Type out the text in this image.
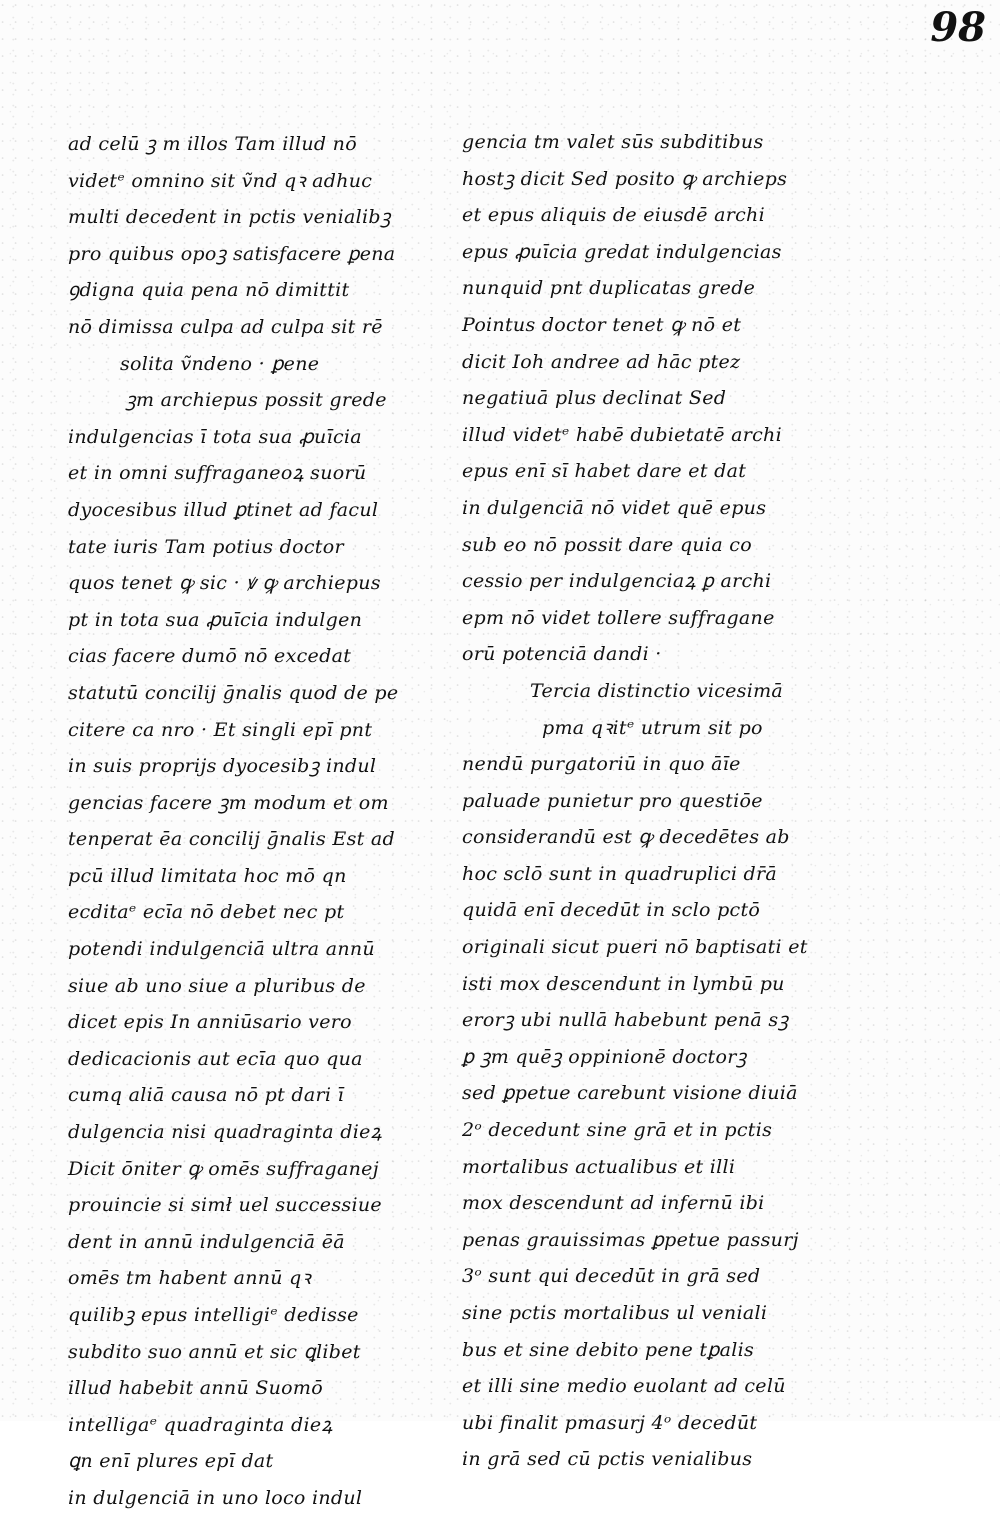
98
ad celū ꝫ m illos Tam illud nō
videtᵉ omnino sit ṽnd qꝛ adhuc
multi decedent in pctis venialibꝫ
pro quibus opoꝫ satisfacere ꝑena
ꝯdigna quia pena nō dimittit
nō dimissa culpa ad culpa sit rē
solita ṽndeno · ꝑene
ꝫm archiepus possit grede
indulgencias ī tota sua ꝓuīcia
et in omni suffraganeoꝝ suorū
dyocesibus illud ꝑtinet ad facul
tate iuris Tam potius doctor
quos tenet ꝙ sic · ꝟ ꝙ archiepus
pt in tota sua ꝓuīcia indulgen
cias facere dumō nō excedat
statutū concilij ḡnalis quod de pe
citere ca nro · Et singli epī pnt
in suis proprijs dyocesibꝫ indul
gencias facere ꝫm modum et om
tenperat ēa concilij ḡnalis Est ad
pcū illud limitata hoc mō qn
ecditaᵉ ecīa nō debet nec pt
potendi indulgenciā ultra annū
siue ab uno siue a pluribus de
dicet epis In anniūsario vero
dedicacionis aut ecīa quo qua
cumq aliā causa nō pt dari ī
dulgencia nisi quadraginta dieꝝ
Dicit ōniter ꝙ omēs suffraganej
prouincie si simł uel successiue
dent in annū indulgenciā ēā
omēs tm habent annū qꝛ
quilibꝫ epus intelligiᵉ dedisse
subdito suo annū et sic ꝗlibet
illud habebit annū Suomō
intelligaᵉ quadraginta dieꝝ
ꝗn enī plures epī dat
in dulgenciā in uno loco indul
gencia tm valet sūs subditibus
hostꝫ dicit Sed posito ꝙ archieps
et epus aliquis de eiusdē archi
epus ꝓuīcia gredat indulgencias
nunquid pnt duplicatas grede
Pointus doctor tenet ꝙ nō et
dicit Ioh andree ad hāc ptez
negatiuā plus declinat Sed
illud videtᵉ habē dubietatē archi
epus enī sī habet dare et dat
in dulgenciā nō videt quē epus
sub eo nō possit dare quia co
cessio per indulgenciaꝝ ꝑ archi
epm nō videt tollere suffragane
orū potenciā dandi ·
Tercia distinctio vicesimā
pma qꝛitᵉ utrum sit po
nendū purgatoriū in quo āīe
paluade punietur pro questiōe
considerandū est ꝙ decedētes ab
hoc sclō sunt in quadruplici dr̄ā
quidā enī decedūt in sclo pctō
originali sicut pueri nō baptisati et
isti mox descendunt in lymbū pu
erorꝫ ubi nullā habebunt penā sꝫ
ꝑ ꝫm quēꝫ oppinionē doctorꝫ
sed ꝑpetue carebunt visione diuiā
2ᵒ decedunt sine grā et in pctis
mortalibus actualibus et illi
mox descendunt ad infernū ibi
penas grauissimas ꝑpetue passurj
3ᵒ sunt qui decedūt in grā sed
sine pctis mortalibus ul veniali
bus et sine debito pene tꝑalis
et illi sine medio euolant ad celū
ubi finalit pmasurj 4ᵒ decedūt
in grā sed cū pctis venialibus
